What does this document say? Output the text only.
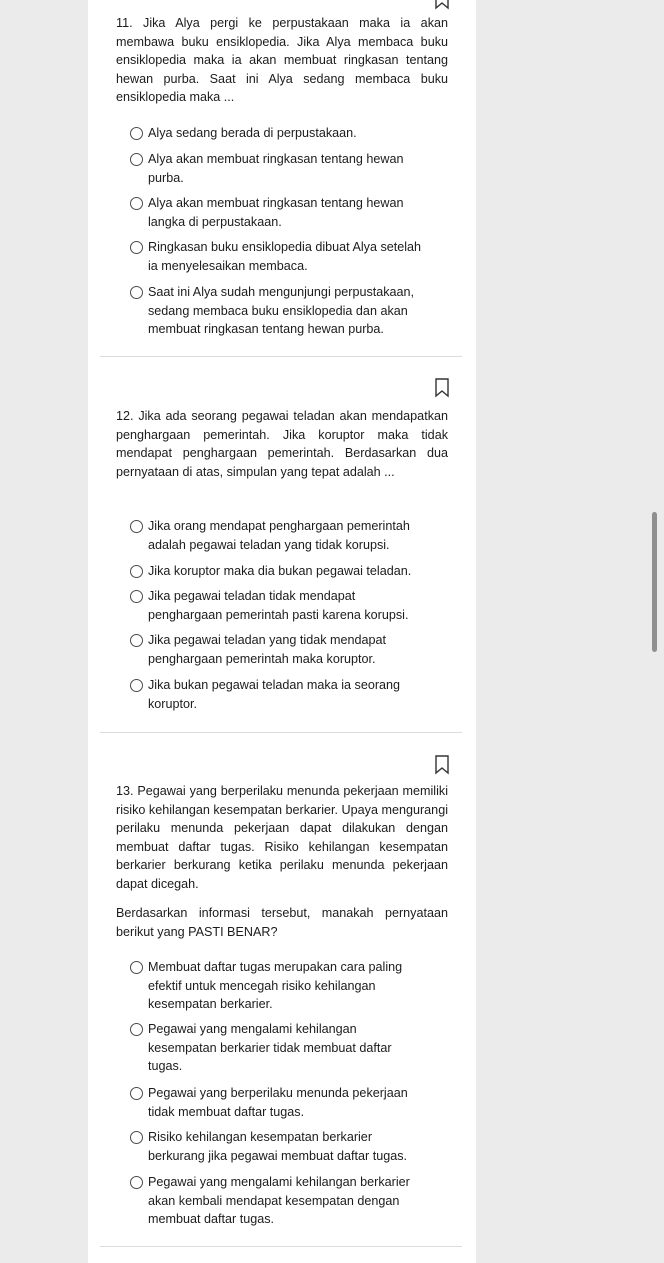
11. Jika Alya pergi ke perpustakaan maka ia akan membawa buku ensiklopedia. Jika Alya membaca buku ensiklopedia maka ia akan membuat ringkasan tentang hewan purba. Saat ini Alya sedang membaca buku ensiklopedia maka ...

Alya sedang berada di perpustakaan.
Alya akan membuat ringkasan tentang hewan purba.
Alya akan membuat ringkasan tentang hewan langka di perpustakaan.
Ringkasan buku ensiklopedia dibuat Alya setelah ia menyelesaikan membaca.
Saat ini Alya sudah mengunjungi perpustakaan, sedang membaca buku ensiklopedia dan akan membuat ringkasan tentang hewan purba.

12. Jika ada seorang pegawai teladan akan mendapatkan penghargaan pemerintah. Jika koruptor maka tidak mendapat penghargaan pemerintah. Berdasarkan dua pernyataan di atas, simpulan yang tepat adalah ...

Jika orang mendapat penghargaan pemerintah adalah pegawai teladan yang tidak korupsi.
Jika koruptor maka dia bukan pegawai teladan.
Jika pegawai teladan tidak mendapat penghargaan pemerintah pasti karena korupsi.
Jika pegawai teladan yang tidak mendapat penghargaan pemerintah maka koruptor.
Jika bukan pegawai teladan maka ia seorang koruptor.

13. Pegawai yang berperilaku menunda pekerjaan memiliki risiko kehilangan kesempatan berkarier. Upaya mengurangi perilaku menunda pekerjaan dapat dilakukan dengan membuat daftar tugas. Risiko kehilangan kesempatan berkarier berkurang ketika perilaku menunda pekerjaan dapat dicegah.

Berdasarkan informasi tersebut, manakah pernyataan berikut yang PASTI BENAR?

Membuat daftar tugas merupakan cara paling efektif untuk mencegah risiko kehilangan kesempatan berkarier.
Pegawai yang mengalami kehilangan kesempatan berkarier tidak membuat daftar tugas.
Pegawai yang berperilaku menunda pekerjaan tidak membuat daftar tugas.
Risiko kehilangan kesempatan berkarier berkurang jika pegawai membuat daftar tugas.
Pegawai yang mengalami kehilangan berkarier akan kembali mendapat kesempatan dengan membuat daftar tugas.
